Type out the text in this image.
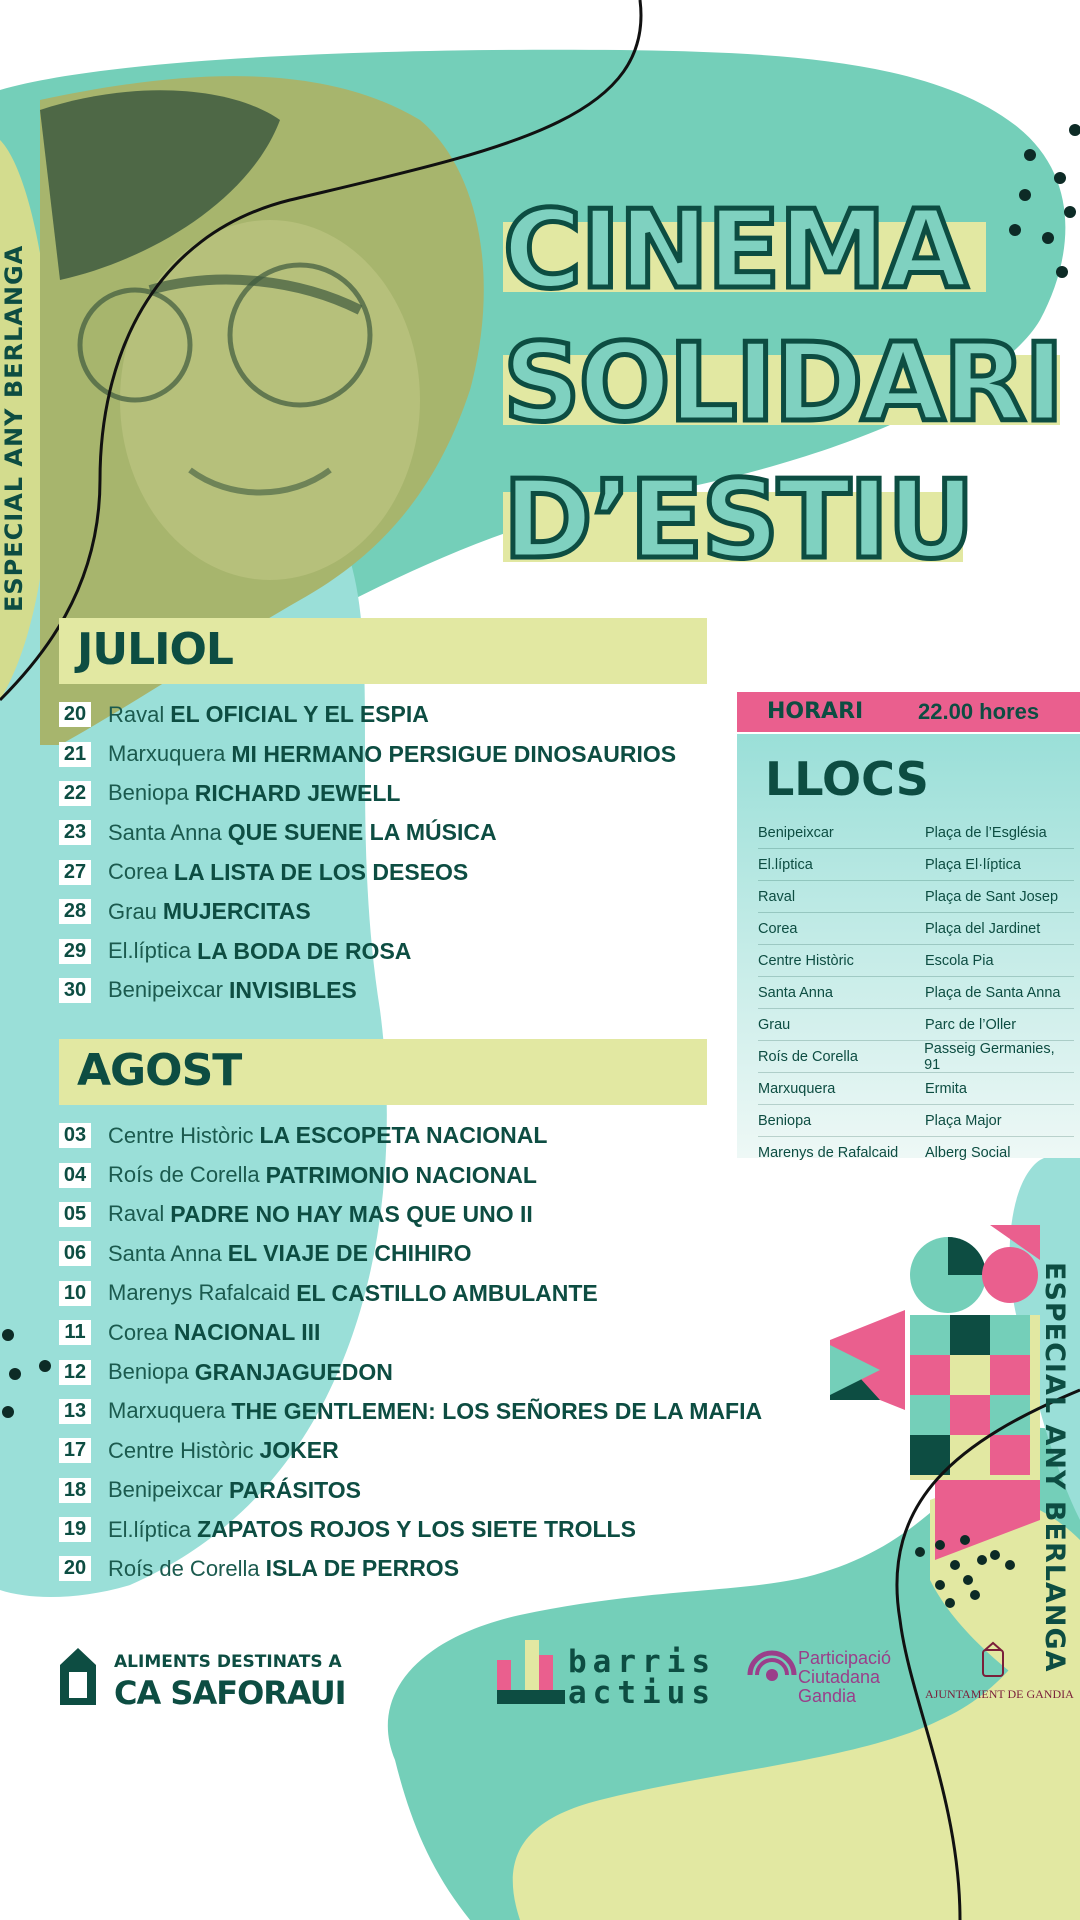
CINEMA
SOLIDARI
D’ESTIU
ESPECIAL ANY BERLANGA
JULIOL
20 Raval EL OFICIAL Y EL ESPIA
21 Marxuquera MI HERMANO PERSIGUE DINOSAURIOS
22 Beniopa RICHARD JEWELL
23 Santa Anna QUE SUENE LA MÚSICA
27 Corea LA LISTA DE LOS DESEOS
28 Grau MUJERCITAS
29 El.líptica LA BODA DE ROSA
30 Benipeixcar INVISIBLES
AGOST
03 Centre Històric LA ESCOPETA NACIONAL
04 Roís de Corella PATRIMONIO NACIONAL
05 Raval PADRE NO HAY MAS QUE UNO II
06 Santa Anna EL VIAJE DE CHIHIRO
10 Marenys Rafalcaid EL CASTILLO AMBULANTE
11 Corea NACIONAL III
12 Beniopa GRANJAGUEDON
13 Marxuquera THE GENTLEMEN: LOS SEÑORES DE LA MAFIA
17 Centre Històric JOKER
18 Benipeixcar PARÁSITOS
19 El.líptica ZAPATOS ROJOS Y LOS SIETE TROLLS
20 Roís de Corella ISLA DE PERROS
HORARI 22.00 hores
LLOCS
Benipeixcar	Plaça de l’Església
El.líptica	Plaça El·líptica
Raval	Plaça de Sant Josep
Corea	Plaça del Jardinet
Centre Històric	Escola Pia
Santa Anna	Plaça de Santa Anna
Grau	Parc de l’Oller
Roís de Corella	Passeig Germanies, 91
Marxuquera	Ermita
Beniopa	Plaça Major
Marenys de Rafalcaid	Alberg Social
ALIMENTS DESTINATS A
CA SAFORAUI
barris
actius
Participació
Ciutadana
Gandia	AJUNTAMENT DE GANDIA
